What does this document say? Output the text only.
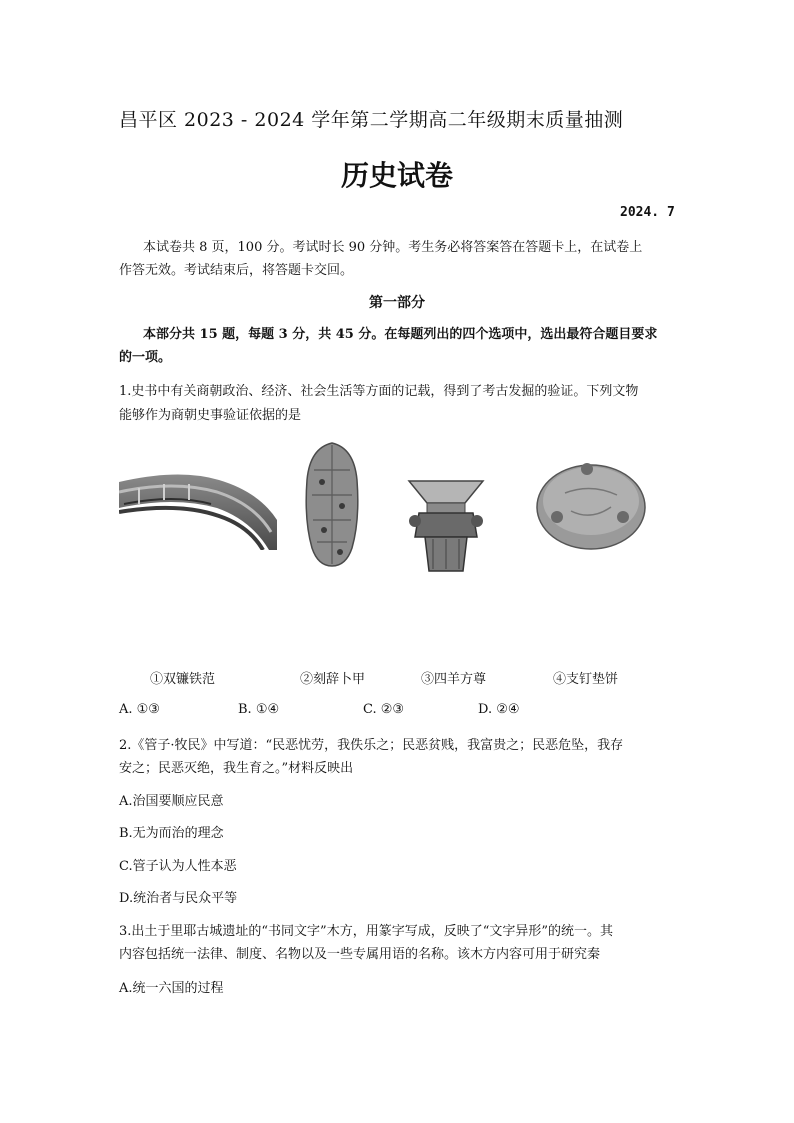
昌平区 2023 - 2024 学年第二学期高二年级期末质量抽测
历史试卷
2024. 7
本试卷共 8 页，100 分。考试时长 90 分钟。考生务必将答案答在答题卡上，在试卷上
作答无效。考试结束后，将答题卡交回。
第一部分
本部分共 15 题，每题 3 分，共 45 分。在每题列出的四个选项中，选出最符合题目要求
的一项。
1.史书中有关商朝政治、经济、社会生活等方面的记载，得到了考古发掘的验证。下列文物
能够作为商朝史事验证依据的是
①双镰铁范	②刻辞卜甲	③四羊方尊	④支钉垫饼
A. ①③	B. ①④	C. ②③	D. ②④
2.《管子·牧民》中写道：“民恶忧劳，我佚乐之；民恶贫贱，我富贵之；民恶危坠，我存
安之；民恶灭绝，我生育之。”材料反映出
A.治国要顺应民意
B.无为而治的理念
C.管子认为人性本恶
D.统治者与民众平等
3.出土于里耶古城遗址的“书同文字”木方，用篆字写成，反映了“文字异形”的统一。其
内容包括统一法律、制度、名物以及一些专属用语的名称。该木方内容可用于研究秦
A.统一六国的过程
